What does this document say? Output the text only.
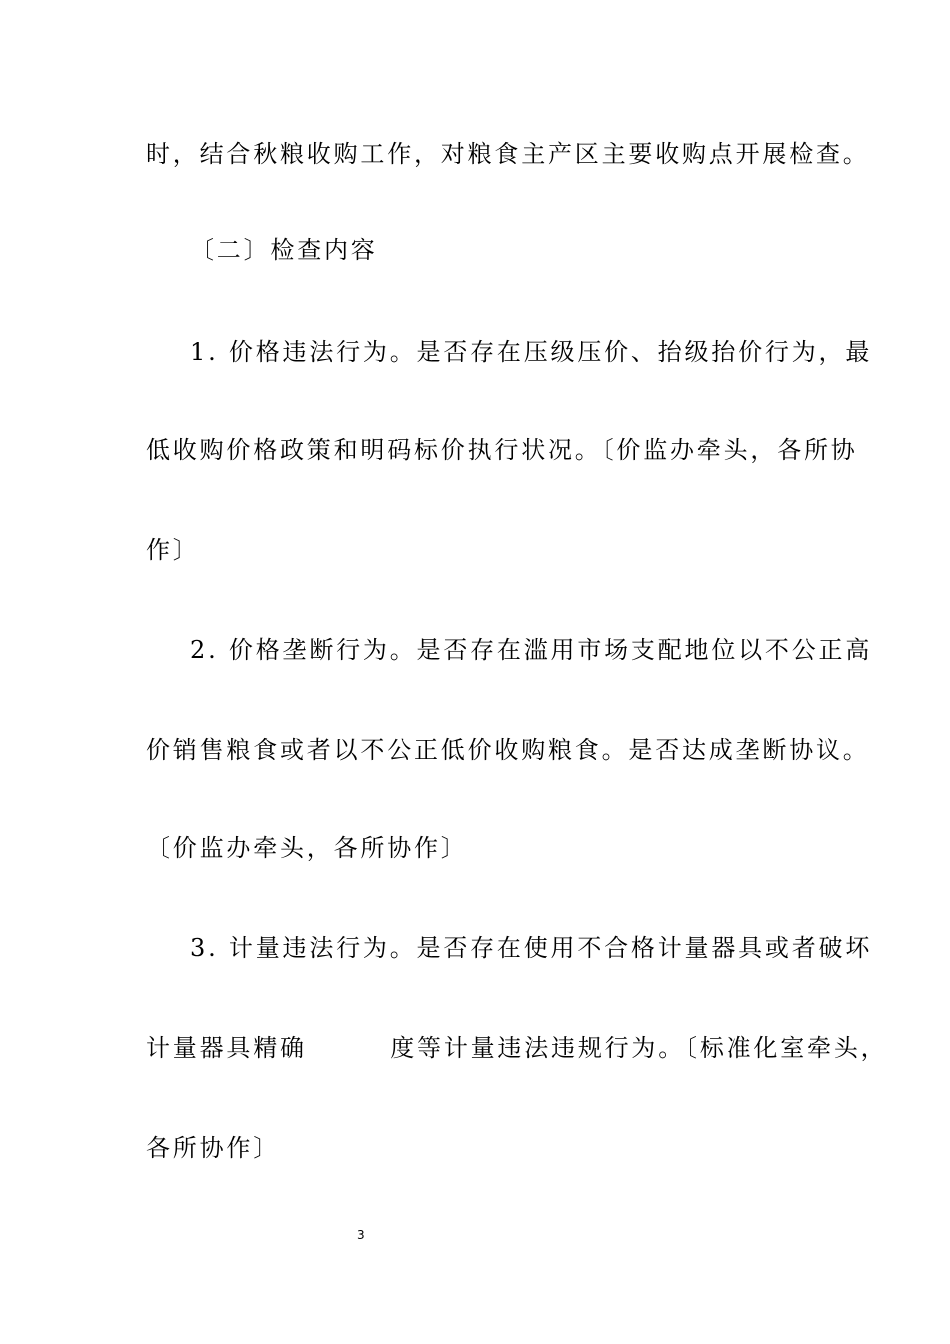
时，结合秋粮收购工作，对粮食主产区主要收购点开展检查。
〔二〕检查内容
1. 价格违法行为。是否存在压级压价、抬级抬价行为，最
低收购价格政策和明码标价执行状况。〔价监办牵头，各所协
作〕
2. 价格垄断行为。是否存在滥用市场支配地位以不公正高
价销售粮食或者以不公正低价收购粮食。是否达成垄断协议。
〔价监办牵头，各所协作〕
3. 计量违法行为。是否存在使用不合格计量器具或者破坏
计量器具精确        度等计量违法违规行为。〔标准化室牵头，
各所协作〕
3
